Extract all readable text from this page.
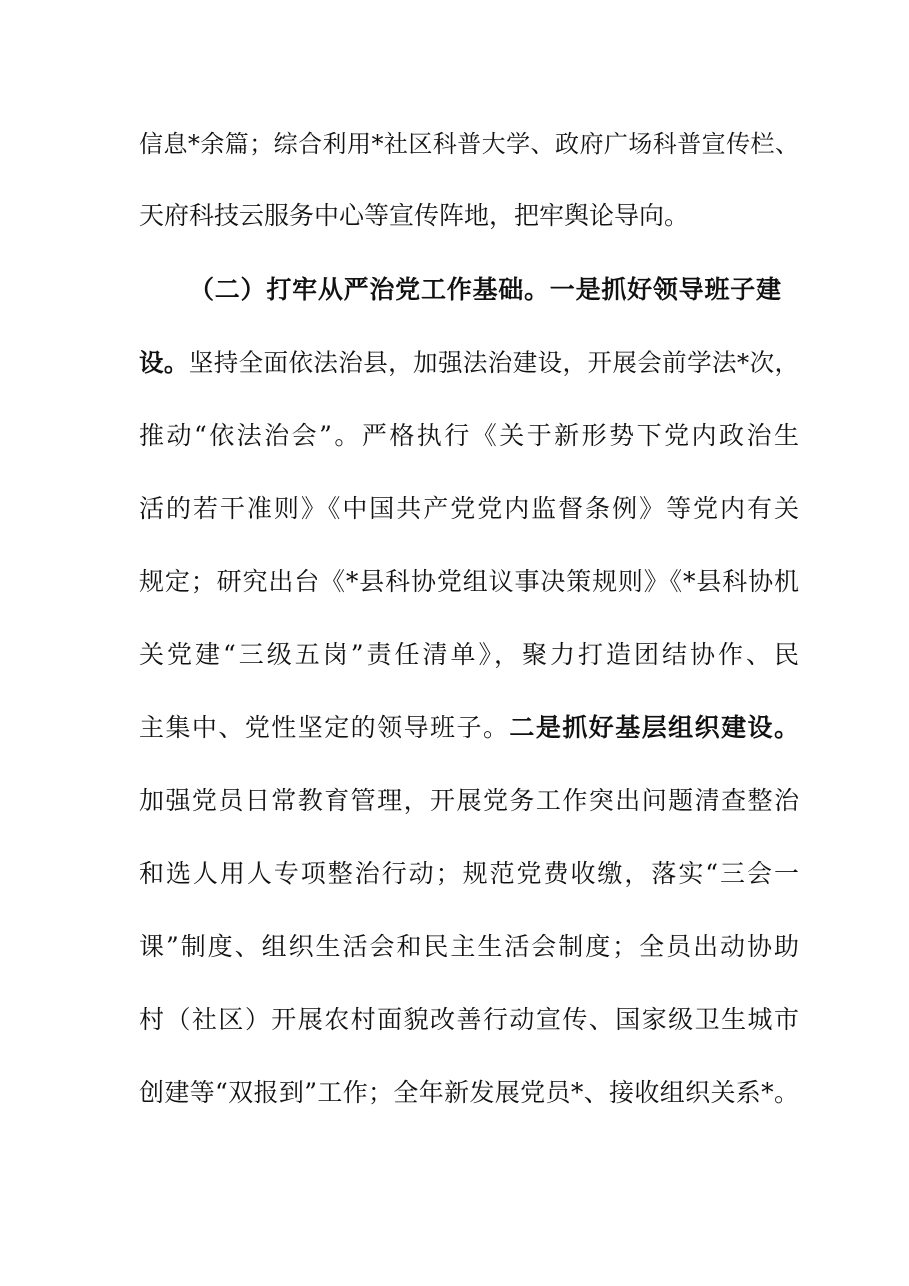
信息*余篇；综合利用*社区科普大学、政府广场科普宣传栏、
天府科技云服务中心等宣传阵地，把牢舆论导向。
（二）打牢从严治党工作基础。一是抓好领导班子建
设。坚持全面依法治县，加强法治建设，开展会前学法*次，
推动“依法治会”。严格执行《关于新形势下党内政治生
活的若干准则》《中国共产党党内监督条例》等党内有关
规定；研究出台《*县科协党组议事决策规则》《*县科协机
关党建“三级五岗”责任清单》，聚力打造团结协作、民
主集中、党性坚定的领导班子。二是抓好基层组织建设。
加强党员日常教育管理，开展党务工作突出问题清查整治
和选人用人专项整治行动；规范党费收缴，落实“三会一
课”制度、组织生活会和民主生活会制度；全员出动协助
村（社区）开展农村面貌改善行动宣传、国家级卫生城市
创建等“双报到”工作；全年新发展党员*、接收组织关系*。
